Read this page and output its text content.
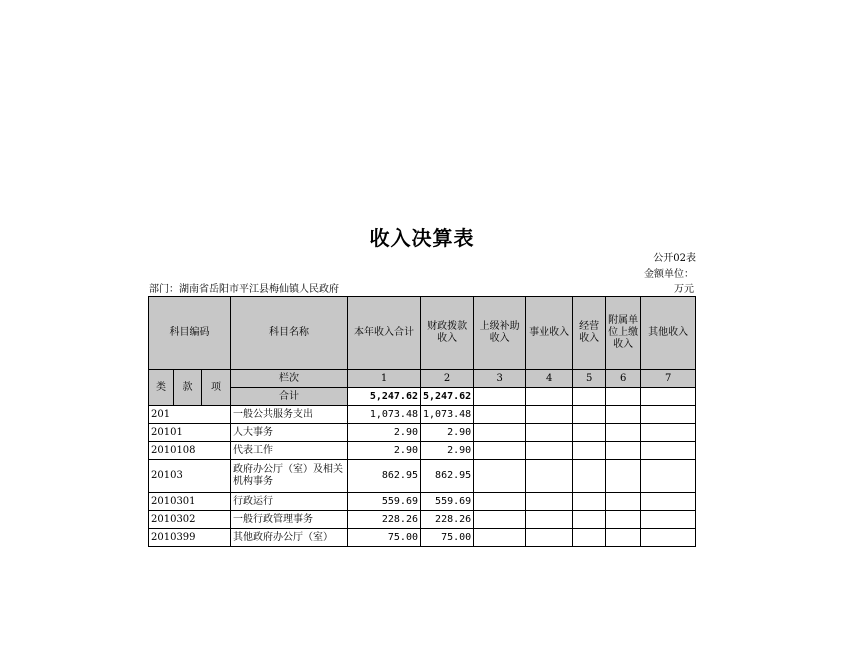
收入决算表
公开02表
金额单位：
万元
部门：湖南省岳阳市平江县梅仙镇人民政府
科目编码			科目名称	本年收入合计	财政拨款收入	上级补助收入	事业收入	经营收入	附属单位上缴收入	其他收入
类	款	项	栏次	1	2	3	4	5	6	7
			合计	5,247.62	5,247.62					
201			一般公共服务支出	1,073.48	1,073.48					
20101			人大事务	2.90	2.90					
2010108			代表工作	2.90	2.90					
20103			政府办公厅（室）及相关机构事务	862.95	862.95					
2010301			行政运行	559.69	559.69					
2010302			一般行政管理事务	228.26	228.26					
2010399			其他政府办公厅（室）	75.00	75.00					
